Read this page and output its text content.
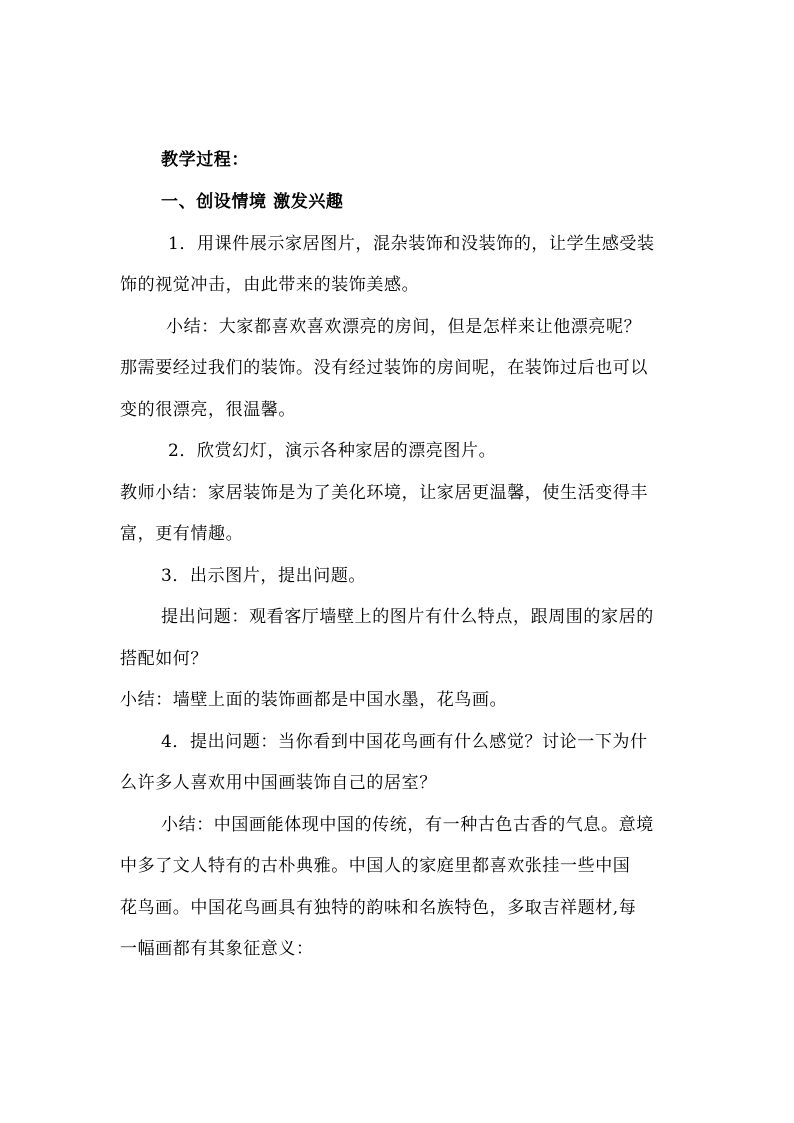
教学过程：
一、创设情境 激发兴趣
1．用课件展示家居图片，混杂装饰和没装饰的，让学生感受装
饰的视觉冲击，由此带来的装饰美感。
小结：大家都喜欢喜欢漂亮的房间，但是怎样来让他漂亮呢？
那需要经过我们的装饰。没有经过装饰的房间呢，在装饰过后也可以
变的很漂亮，很温馨。
2．欣赏幻灯，演示各种家居的漂亮图片。
教师小结：家居装饰是为了美化环境，让家居更温馨，使生活变得丰
富，更有情趣。
3．出示图片，提出问题。
提出问题：观看客厅墙壁上的图片有什么特点，跟周围的家居的
搭配如何？
小结：墙壁上面的装饰画都是中国水墨，花鸟画。
4．提出问题：当你看到中国花鸟画有什么感觉？讨论一下为什
么许多人喜欢用中国画装饰自己的居室？
小结：中国画能体现中国的传统，有一种古色古香的气息。意境
中多了文人特有的古朴典雅。中国人的家庭里都喜欢张挂一些中国
花鸟画。中国花鸟画具有独特的韵味和名族特色，多取吉祥题材,每
一幅画都有其象征意义：
